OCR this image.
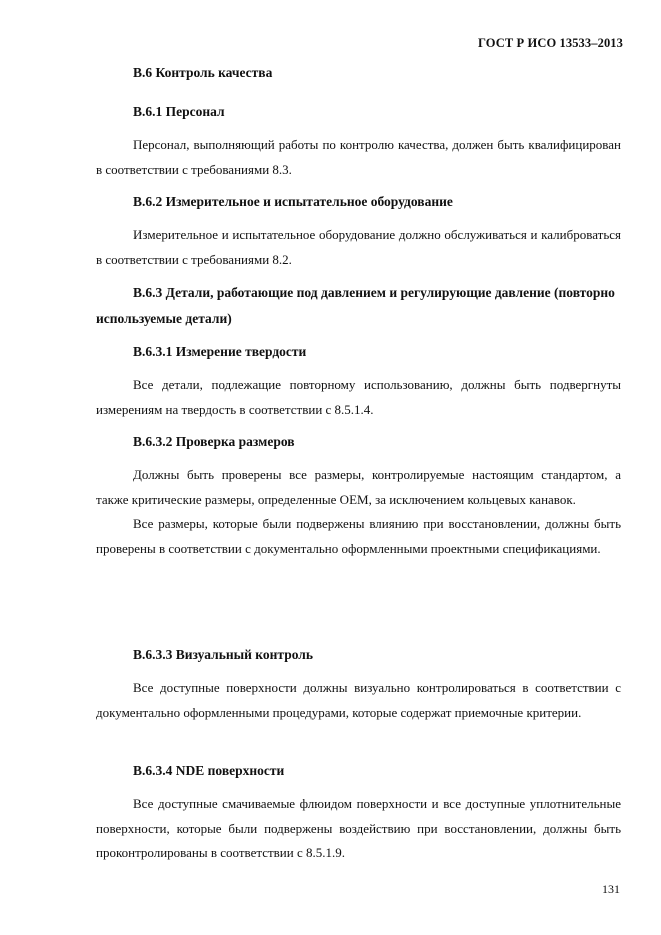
ГОСТ Р ИСО 13533–2013

В.6 Контроль качества

В.6.1 Персонал

Персонал, выполняющий работы по контролю качества, должен быть квалифицирован в соответствии с требованиями 8.3.

В.6.2 Измерительное и испытательное оборудование

Измерительное и испытательное оборудование должно обслуживаться и калиброваться в соответствии с требованиями 8.2.

В.6.3 Детали, работающие под давлением и регулирующие давление (повторно используемые детали)

В.6.3.1 Измерение твердости

Все детали, подлежащие повторному использованию, должны быть подвергнуты измерениям на твердость в соответствии с 8.5.1.4.

В.6.3.2 Проверка размеров

Должны быть проверены все размеры, контролируемые настоящим стандартом, а также критические размеры, определенные OEM, за исключением кольцевых канавок.

Все размеры, которые были подвержены влиянию при восстановлении, должны быть проверены в соответствии с документально оформленными проектными спецификациями.

В.6.3.3 Визуальный контроль

Все доступные поверхности должны визуально контролироваться в соответствии с документально оформленными процедурами, которые содержат приемочные критерии.

В.6.3.4 NDE поверхности

Все доступные смачиваемые флюидом поверхности и все доступные уплотнительные поверхности, которые были подвержены воздействию при восстановлении, должны быть проконтролированы в соответствии с 8.5.1.9.

131
